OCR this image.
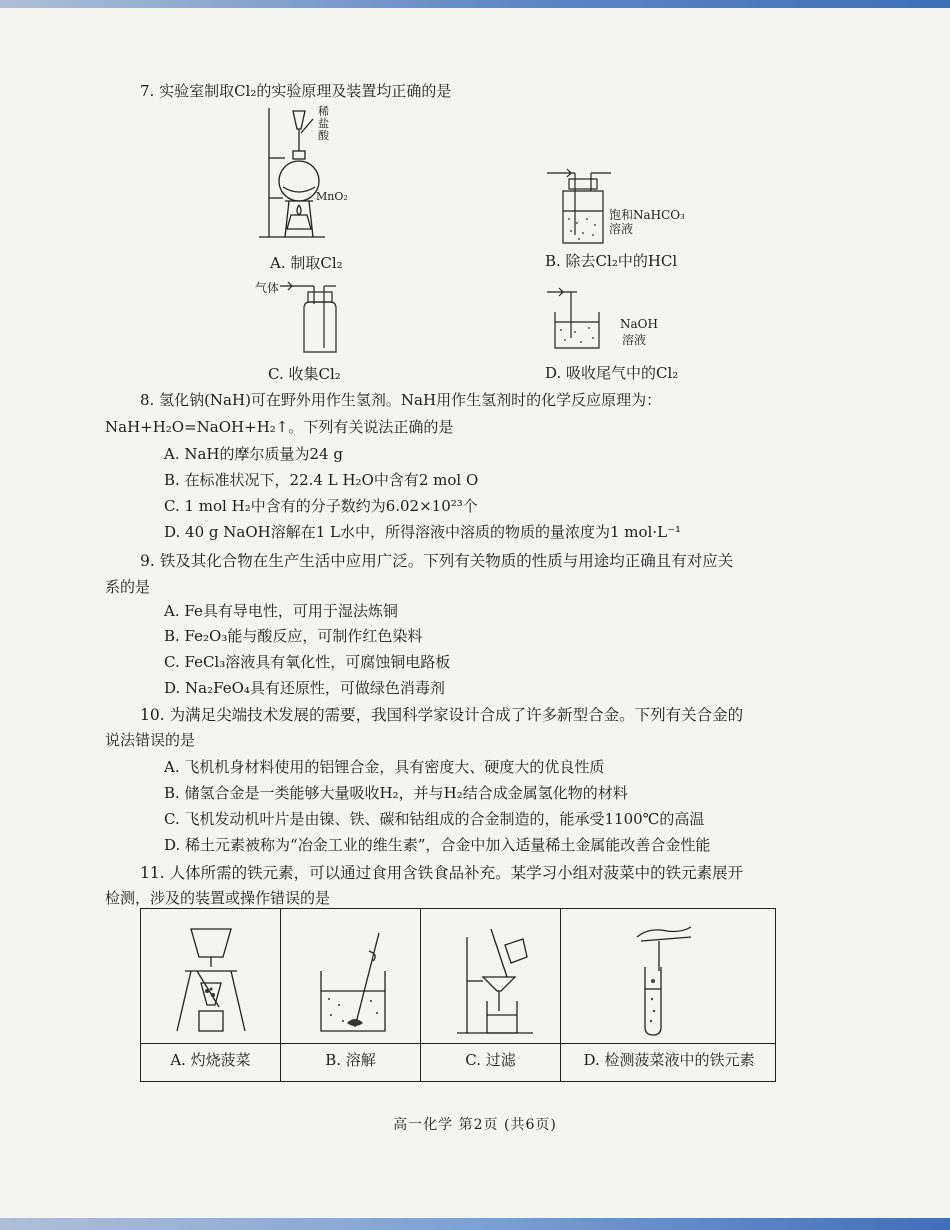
7. 实验室制取Cl₂的实验原理及装置均正确的是
稀盐酸
MnO₂
A. 制取Cl₂
饱和NaHCO₃
溶液
B. 除去Cl₂中的HCl
气体
C. 收集Cl₂
NaOH
溶液
D. 吸收尾气中的Cl₂
8. 氢化钠(NaH)可在野外用作生氢剂。NaH用作生氢剂时的化学反应原理为：
NaH+H₂O=NaOH+H₂↑。下列有关说法正确的是
A. NaH的摩尔质量为24 g
B. 在标准状况下，22.4 L H₂O中含有2 mol O
C. 1 mol H₂中含有的分子数约为6.02×10²³个
D. 40 g NaOH溶解在1 L水中，所得溶液中溶质的物质的量浓度为1 mol·L⁻¹
9. 铁及其化合物在生产生活中应用广泛。下列有关物质的性质与用途均正确且有对应关
系的是
A. Fe具有导电性，可用于湿法炼铜
B. Fe₂O₃能与酸反应，可制作红色染料
C. FeCl₃溶液具有氧化性，可腐蚀铜电路板
D. Na₂FeO₄具有还原性，可做绿色消毒剂
10. 为满足尖端技术发展的需要，我国科学家设计合成了许多新型合金。下列有关合金的
说法错误的是
A. 飞机机身材料使用的铝锂合金，具有密度大、硬度大的优良性质
B. 储氢合金是一类能够大量吸收H₂，并与H₂结合成金属氢化物的材料
C. 飞机发动机叶片是由镍、铁、碳和钴组成的合金制造的，能承受1100℃的高温
D. 稀土元素被称为“冶金工业的维生素”，合金中加入适量稀土金属能改善合金性能
11. 人体所需的铁元素，可以通过食用含铁食品补充。某学习小组对菠菜中的铁元素展开
检测，涉及的装置或操作错误的是
A. 灼烧菠菜	B. 溶解	C. 过滤	D. 检测菠菜液中的铁元素
高一化学 第2页 (共6页)
